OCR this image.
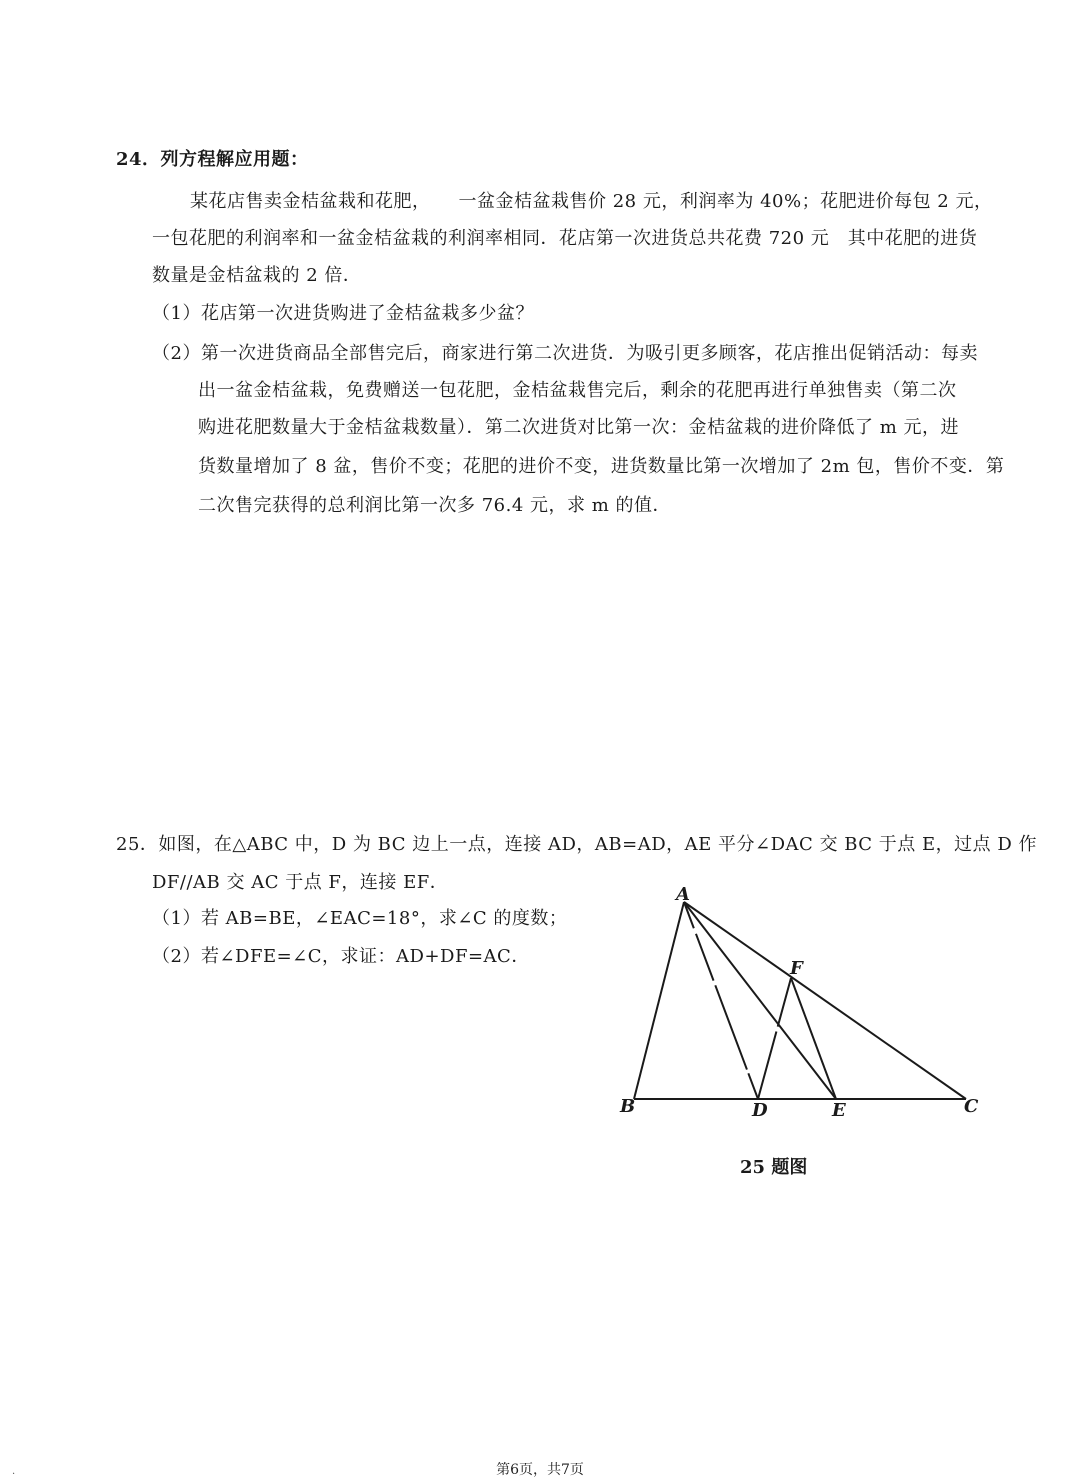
24．列方程解应用题：
某花店售卖金桔盆栽和花肥，　　一盆金桔盆栽售价 28 元，利润率为 40%；花肥进价每包 2 元，
一包花肥的利润率和一盆金桔盆栽的利润率相同．花店第一次进货总共花费 720 元　其中花肥的进货
数量是金桔盆栽的 2 倍．
（1）花店第一次进货购进了金桔盆栽多少盆？
（2）第一次进货商品全部售完后，商家进行第二次进货．为吸引更多顾客，花店推出促销活动：每卖
出一盆金桔盆栽，免费赠送一包花肥，金桔盆栽售完后，剩余的花肥再进行单独售卖（第二次
购进花肥数量大于金桔盆栽数量）．第二次进货对比第一次：金桔盆栽的进价降低了 m 元，进
货数量增加了 8 盆，售价不变；花肥的进价不变，进货数量比第一次增加了 2m 包，售价不变．第
二次售完获得的总利润比第一次多 76.4 元，求 m 的值．
25．如图，在△ABC 中，D 为 BC 边上一点，连接 AD，AB=AD，AE 平分∠DAC 交 BC 于点 E，过点 D 作
DF//AB 交 AC 于点 F，连接 EF．
（1）若 AB=BE，∠EAC=18°，求∠C 的度数；
（2）若∠DFE=∠C，求证：AD+DF=AC．
A
B	C
D	E
F
25 题图
.	第6页，共7页
